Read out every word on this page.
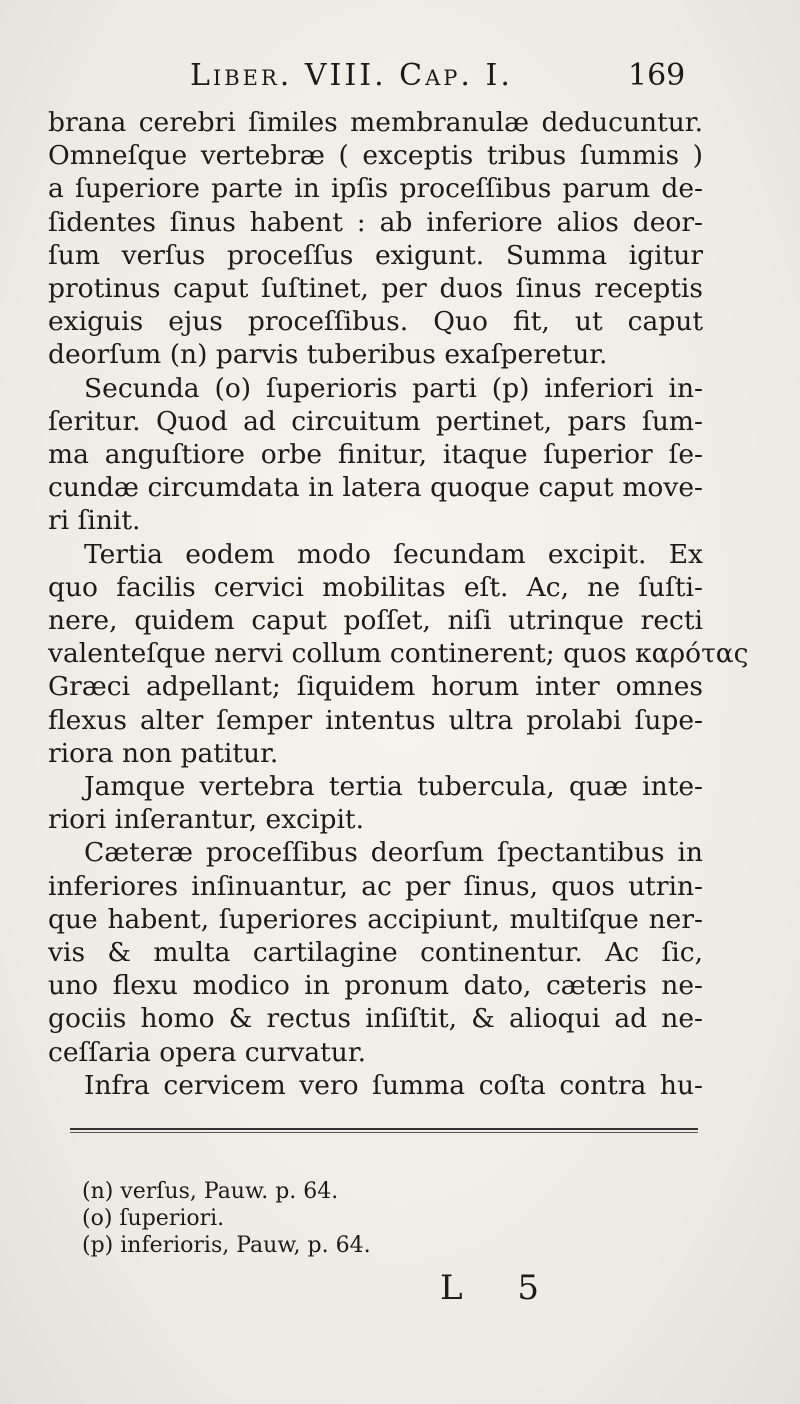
Liber. VIII. Cap. I.	169
brana cerebri ſimiles membranulæ deducuntur.
Omneſque vertebræ ( exceptis tribus ſummis )
a ſuperiore parte in ipſis proceſſibus parum de-
ſidentes ſinus habent : ab inferiore alios deor-
ſum verſus proceſſus exigunt. Summa igitur
protinus caput ſuſtinet, per duos ſinus receptis
exiguis ejus proceſſibus. Quo fit, ut caput
deorſum (n) parvis tuberibus exaſperetur.
Secunda (o) ſuperioris parti (p) inferiori in-
ſeritur. Quod ad circuitum pertinet, pars ſum-
ma anguſtiore orbe finitur, itaque ſuperior ſe-
cundæ circumdata in latera quoque caput move-
ri ſinit.
Tertia eodem modo ſecundam excipit. Ex
quo facilis cervici mobilitas eſt. Ac, ne ſuſti-
nere, quidem caput poſſet, niſi utrinque recti
valenteſque nervi collum continerent; quos καρότας
Græci adpellant; ſiquidem horum inter omnes
flexus alter ſemper intentus ultra prolabi ſupe-
riora non patitur.
Jamque vertebra tertia tubercula, quæ inte-
riori inſerantur, excipit.
Cæteræ proceſſibus deorſum ſpectantibus in
inferiores inſinuantur, ac per ſinus, quos utrin-
que habent, ſuperiores accipiunt, multiſque ner-
vis & multa cartilagine continentur. Ac ſic,
uno flexu modico in pronum dato, cæteris ne-
gociis homo & rectus inſiſtit, & alioqui ad ne-
ceſſaria opera curvatur.
Infra cervicem vero ſumma coſta contra hu-
(n) verſus, Pauw. p. 64.
(o) ſuperiori.
(p) inferioris, Pauw, p. 64.
L 5
